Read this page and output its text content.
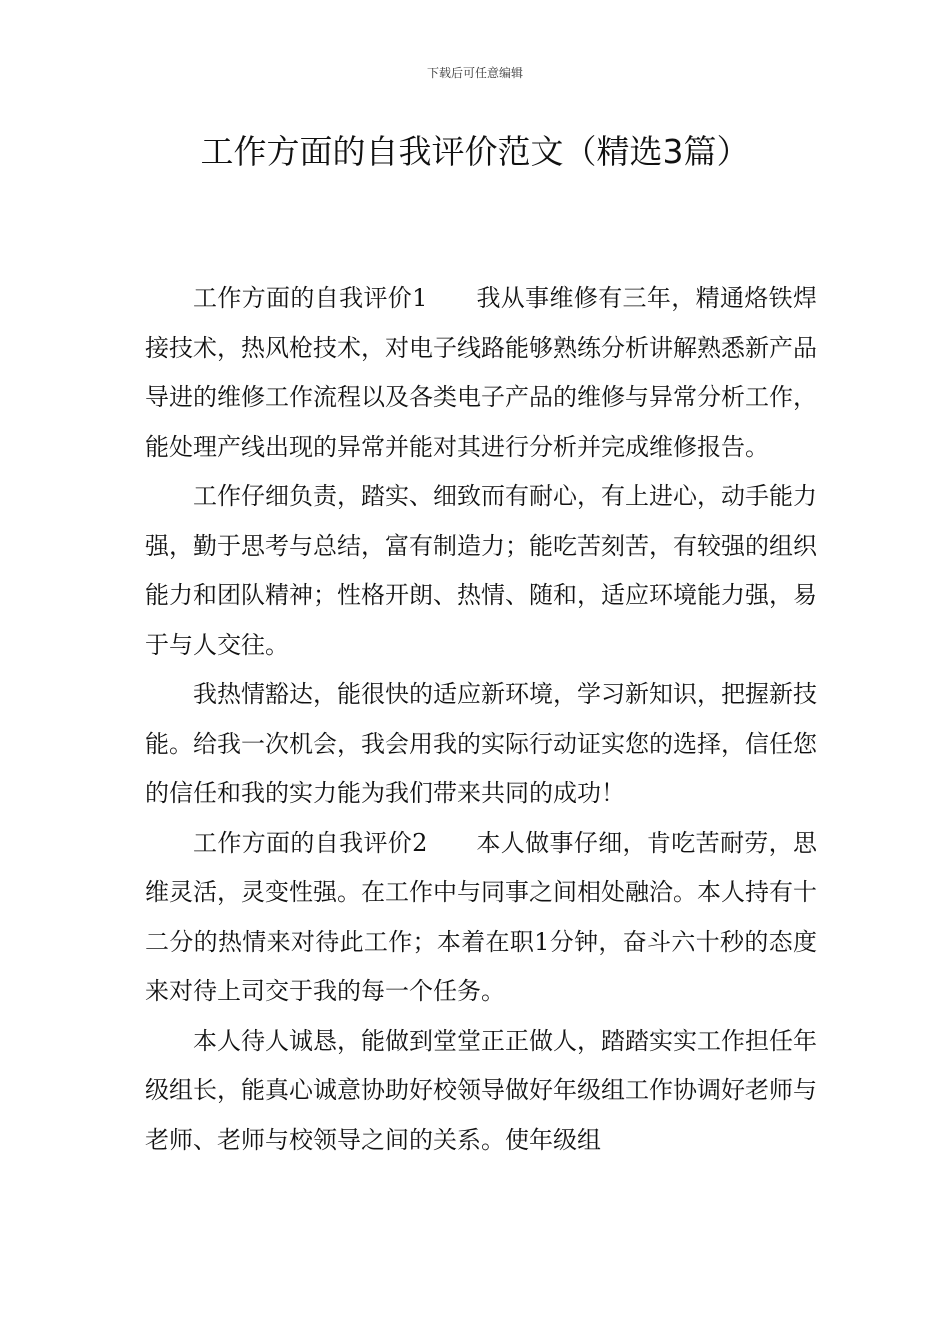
下载后可任意编辑
工作方面的自我评价范文（精选3篇）

工作方面的自我评价1　　我从事维修有三年，精通烙铁焊接技术，热风枪技术，对电子线路能够熟练分析讲解熟悉新产品导进的维修工作流程以及各类电子产品的维修与异常分析工作，能处理产线出现的异常并能对其进行分析并完成维修报告。

工作仔细负责，踏实、细致而有耐心，有上进心，动手能力强，勤于思考与总结，富有制造力；能吃苦刻苦，有较强的组织能力和团队精神；性格开朗、热情、随和，适应环境能力强，易于与人交往。

我热情豁达，能很快的适应新环境，学习新知识，把握新技能。给我一次机会，我会用我的实际行动证实您的选择，信任您的信任和我的实力能为我们带来共同的成功！

工作方面的自我评价2　　本人做事仔细，肯吃苦耐劳，思维灵活，灵变性强。在工作中与同事之间相处融洽。本人持有十二分的热情来对待此工作；本着在职1分钟，奋斗六十秒的态度来对待上司交于我的每一个任务。

本人待人诚恳，能做到堂堂正正做人，踏踏实实工作担任年级组长，能真心诚意协助好校领导做好年级组工作协调好老师与老师、老师与校领导之间的关系。使年级组
